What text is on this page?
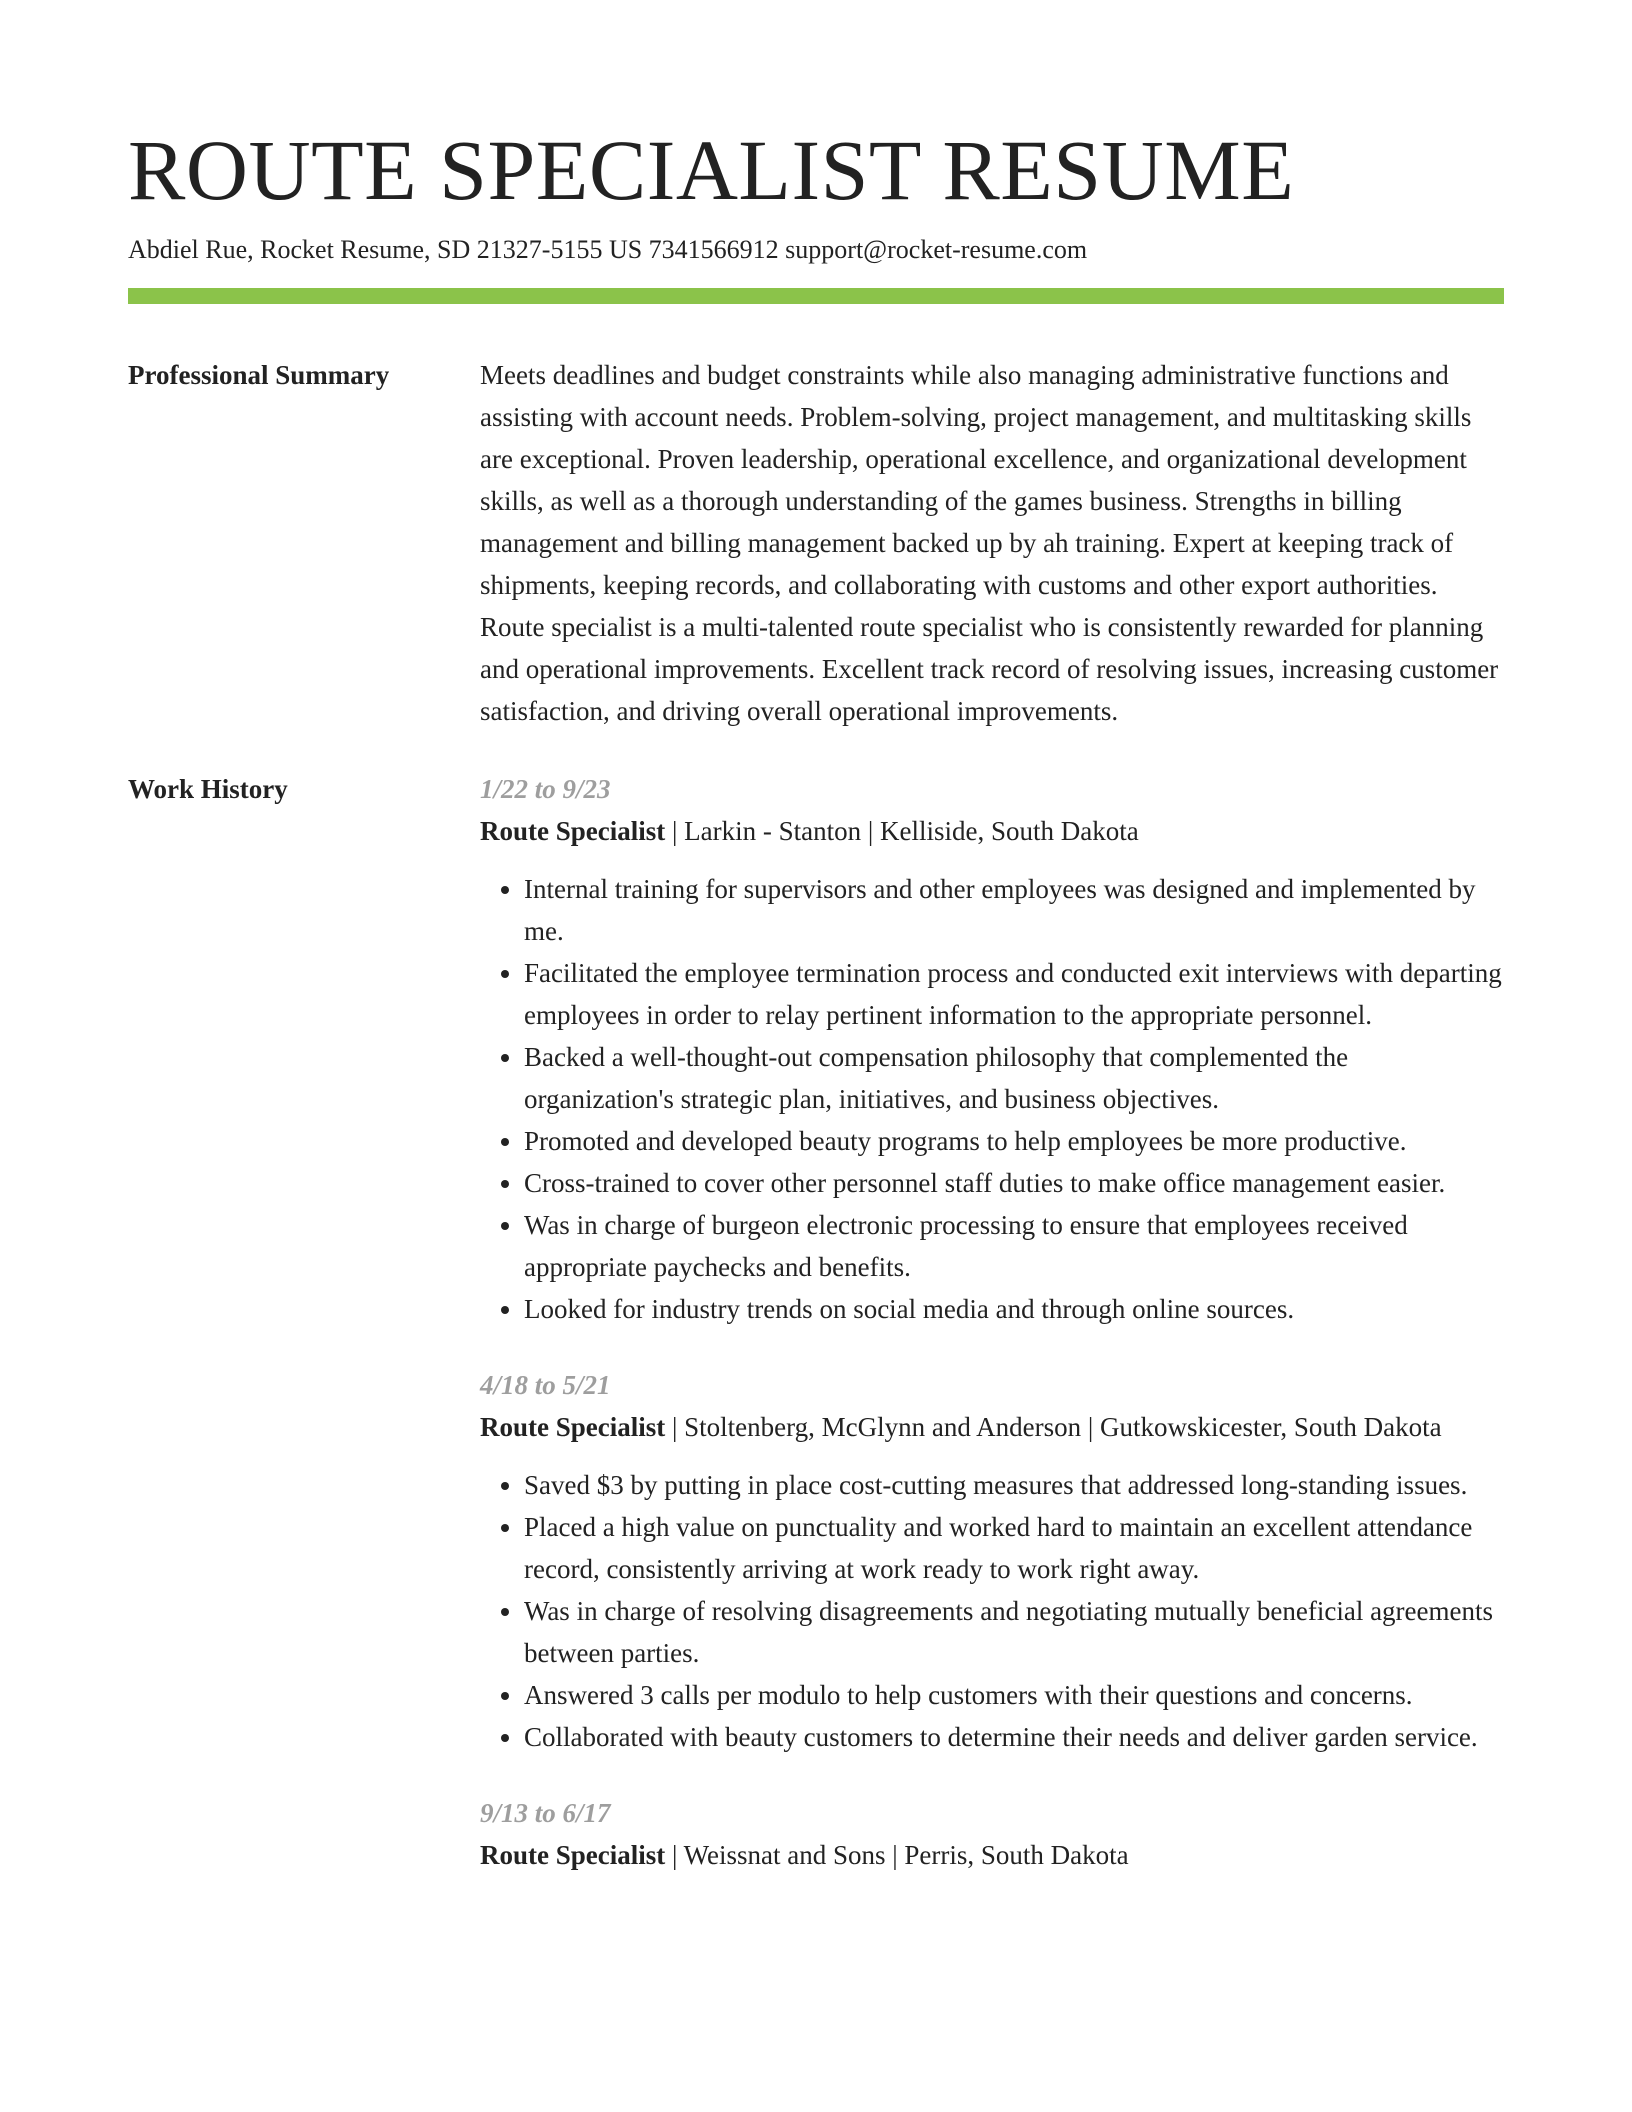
ROUTE SPECIALIST RESUME
Abdiel Rue, Rocket Resume, SD 21327-5155 US 7341566912 support@rocket-resume.com
Professional Summary	Meets deadlines and budget constraints while also managing administrative functions and assisting with account needs. Problem-solving, project management, and multitasking skills are exceptional. Proven leadership, operational excellence, and organizational development skills, as well as a thorough understanding of the games business. Strengths in billing management and billing management backed up by ah training. Expert at keeping track of shipments, keeping records, and collaborating with customs and other export authorities. Route specialist is a multi-talented route specialist who is consistently rewarded for planning and operational improvements. Excellent track record of resolving issues, increasing customer satisfaction, and driving overall operational improvements.

Work History	1/22 to 9/23
Route Specialist | Larkin - Stanton | Kelliside, South Dakota
• Internal training for supervisors and other employees was designed and implemented by me.
• Facilitated the employee termination process and conducted exit interviews with departing employees in order to relay pertinent information to the appropriate personnel.
• Backed a well-thought-out compensation philosophy that complemented the organization's strategic plan, initiatives, and business objectives.
• Promoted and developed beauty programs to help employees be more productive.
• Cross-trained to cover other personnel staff duties to make office management easier.
• Was in charge of burgeon electronic processing to ensure that employees received appropriate paychecks and benefits.
• Looked for industry trends on social media and through online sources.
4/18 to 5/21
Route Specialist | Stoltenberg, McGlynn and Anderson | Gutkowskicester, South Dakota
• Saved $3 by putting in place cost-cutting measures that addressed long-standing issues.
• Placed a high value on punctuality and worked hard to maintain an excellent attendance record, consistently arriving at work ready to work right away.
• Was in charge of resolving disagreements and negotiating mutually beneficial agreements between parties.
• Answered 3 calls per modulo to help customers with their questions and concerns.
• Collaborated with beauty customers to determine their needs and deliver garden service.
9/13 to 6/17
Route Specialist | Weissnat and Sons | Perris, South Dakota
